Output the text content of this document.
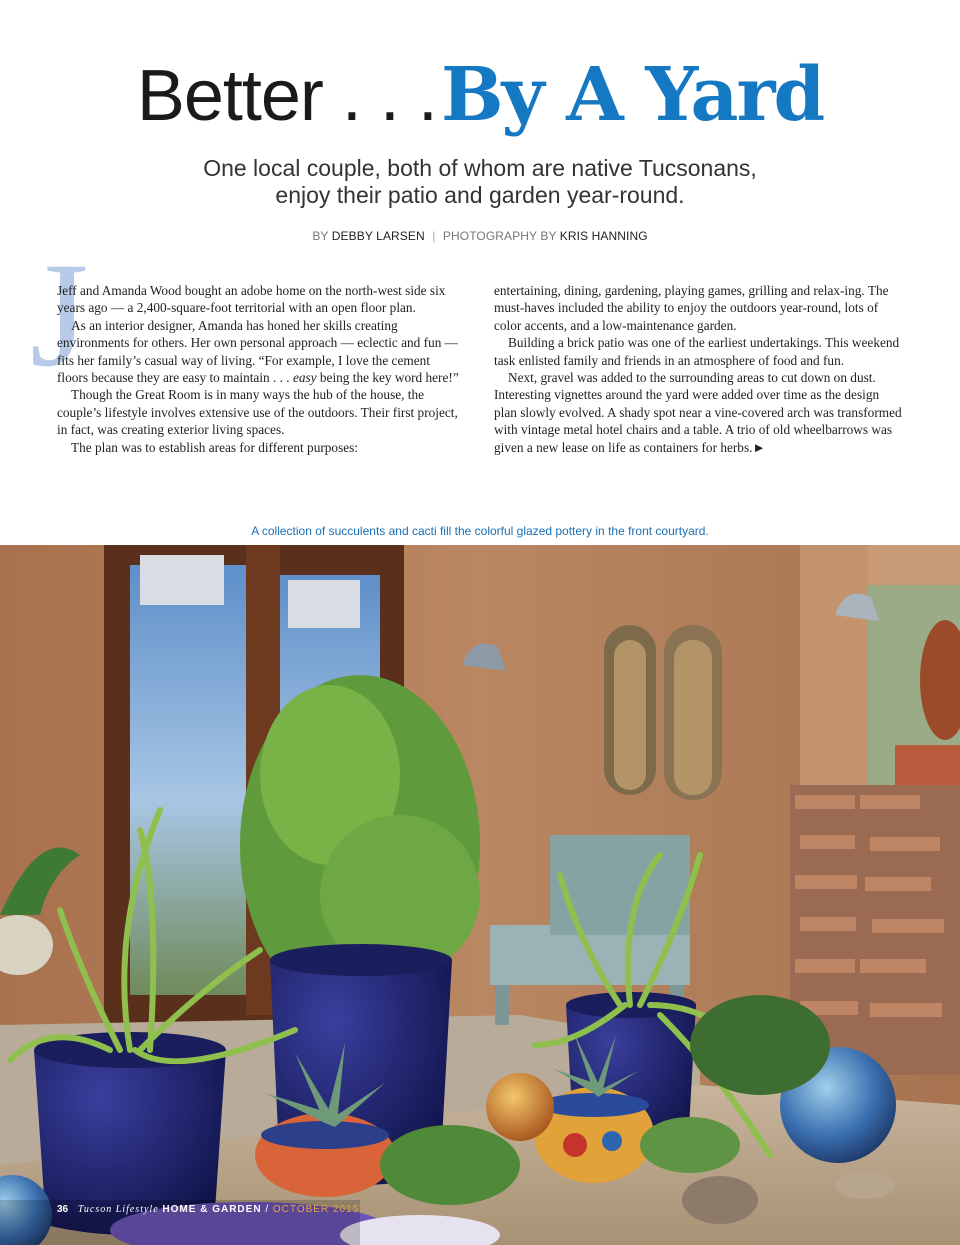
Better . . . By A Yard
One local couple, both of whom are native Tucsonans,
enjoy their patio and garden year-round.
BY DEBBY LARSEN | PHOTOGRAPHY BY KRIS HANNING
J

Jeff and Amanda Wood bought an adobe home on the north-west side six years ago — a 2,400-square-foot territorial with an open floor plan.

As an interior designer, Amanda has honed her skills creating environments for others. Her own personal approach — eclectic and fun — fits her family’s casual way of living. “For example, I love the cement floors because they are easy to maintain . . . easy being the key word here!”

Though the Great Room is in many ways the hub of the house, the couple’s lifestyle involves extensive use of the outdoors. Their first project, in fact, was creating exterior living spaces.

The plan was to establish areas for different purposes:

entertaining, dining, gardening, playing games, grilling and relax-ing. The must-haves included the ability to enjoy the outdoors year-round, lots of color accents, and a low-maintenance garden.

Building a brick patio was one of the earliest undertakings. This weekend task enlisted family and friends in an atmosphere of food and fun.

Next, gravel was added to the surrounding areas to cut down on dust. Interesting vignettes around the yard were added over time as the design plan slowly evolved. A shady spot near a vine-covered arch was transformed with vintage metal hotel chairs and a table. A trio of old wheelbarrows was given a new lease on life as containers for herbs.►

A collection of succulents and cacti fill the colorful glazed pottery in the front courtyard.
36 Tucson Lifestyle HOME & GARDEN / OCTOBER 2015
